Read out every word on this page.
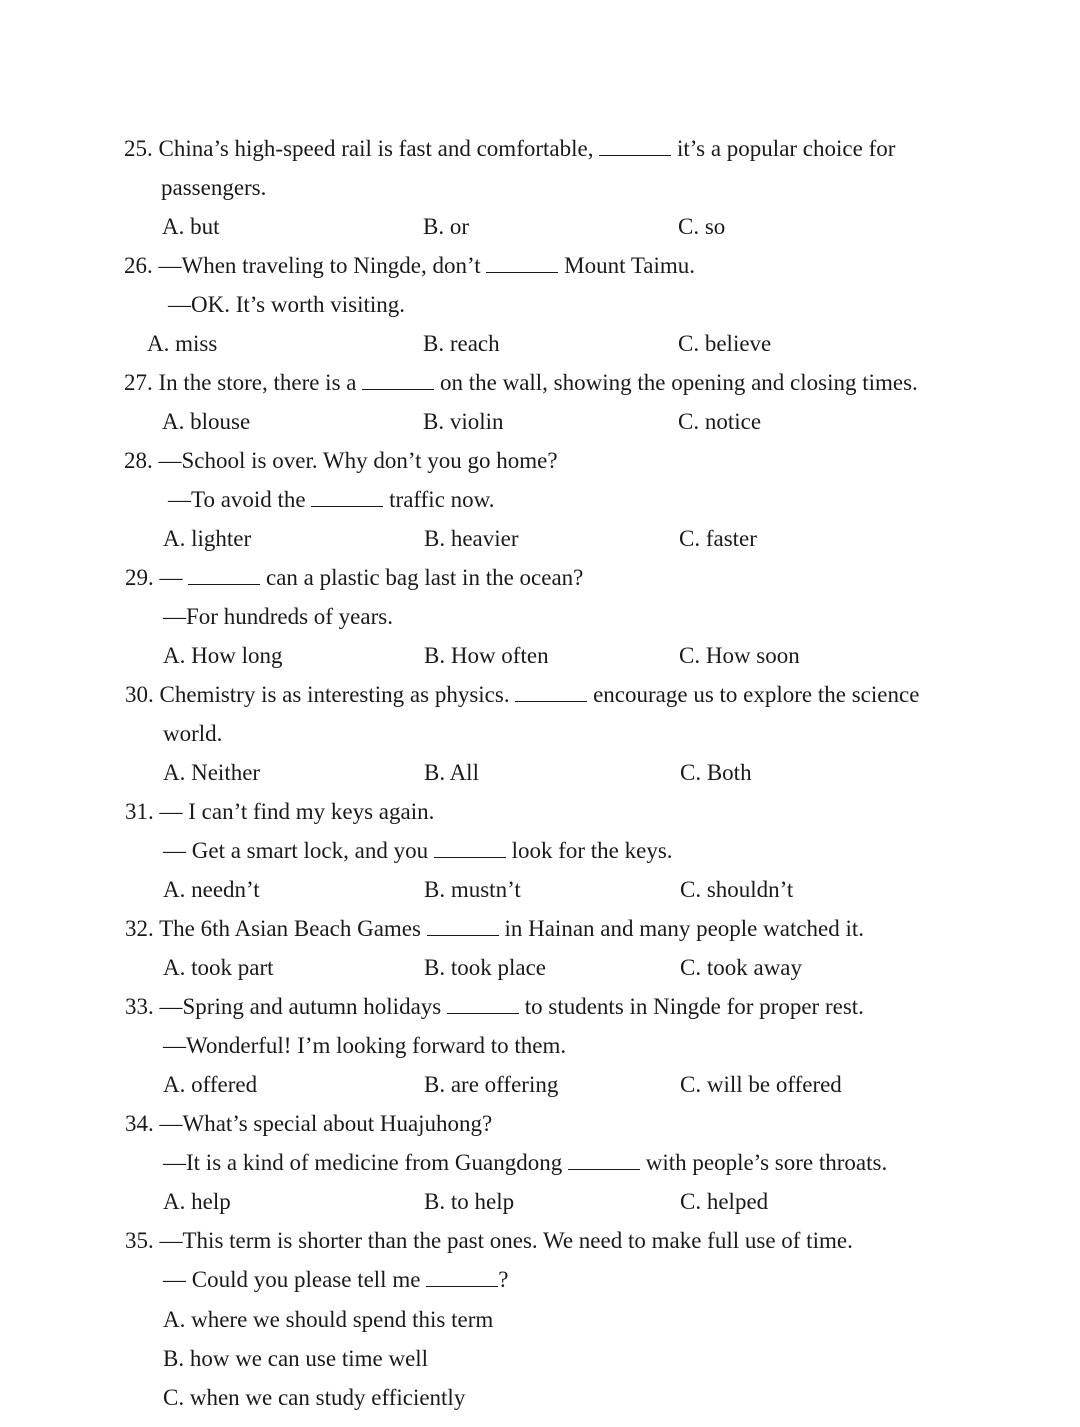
25. China’s high-speed rail is fast and comfortable,	it’s a popular choice for
passengers.
A. but	B. or	C. so
26. —When traveling to Ningde, don’t	Mount Taimu.
—OK. It’s worth visiting.
A. miss	B. reach	C. believe
27. In the store, there is a	on the wall, showing the opening and closing times.
A. blouse	B. violin	C. notice
28. —School is over. Why don’t you go home?
—To avoid the	traffic now.
A. lighter	B. heavier	C. faster
29. —	can a plastic bag last in the ocean?
—For hundreds of years.
A. How long	B. How often	C. How soon
30. Chemistry is as interesting as physics.	encourage us to explore the science
world.
A. Neither	B. All	C. Both
31. — I can’t find my keys again.
— Get a smart lock, and you	look for the keys.
A. needn’t	B. mustn’t	C. shouldn’t
32. The 6th Asian Beach Games	in Hainan and many people watched it.
A. took part	B. took place	C. took away
33. —Spring and autumn holidays	to students in Ningde for proper rest.
—Wonderful! I’m looking forward to them.
A. offered	B. are offering	C. will be offered
34. —What’s special about Huajuhong?
—It is a kind of medicine from Guangdong	with people’s sore throats.
A. help	B. to help	C. helped
35. —This term is shorter than the past ones. We need to make full use of time.
— Could you please tell me	?
A. where we should spend this term
B. how we can use time well
C. when we can study efficiently
